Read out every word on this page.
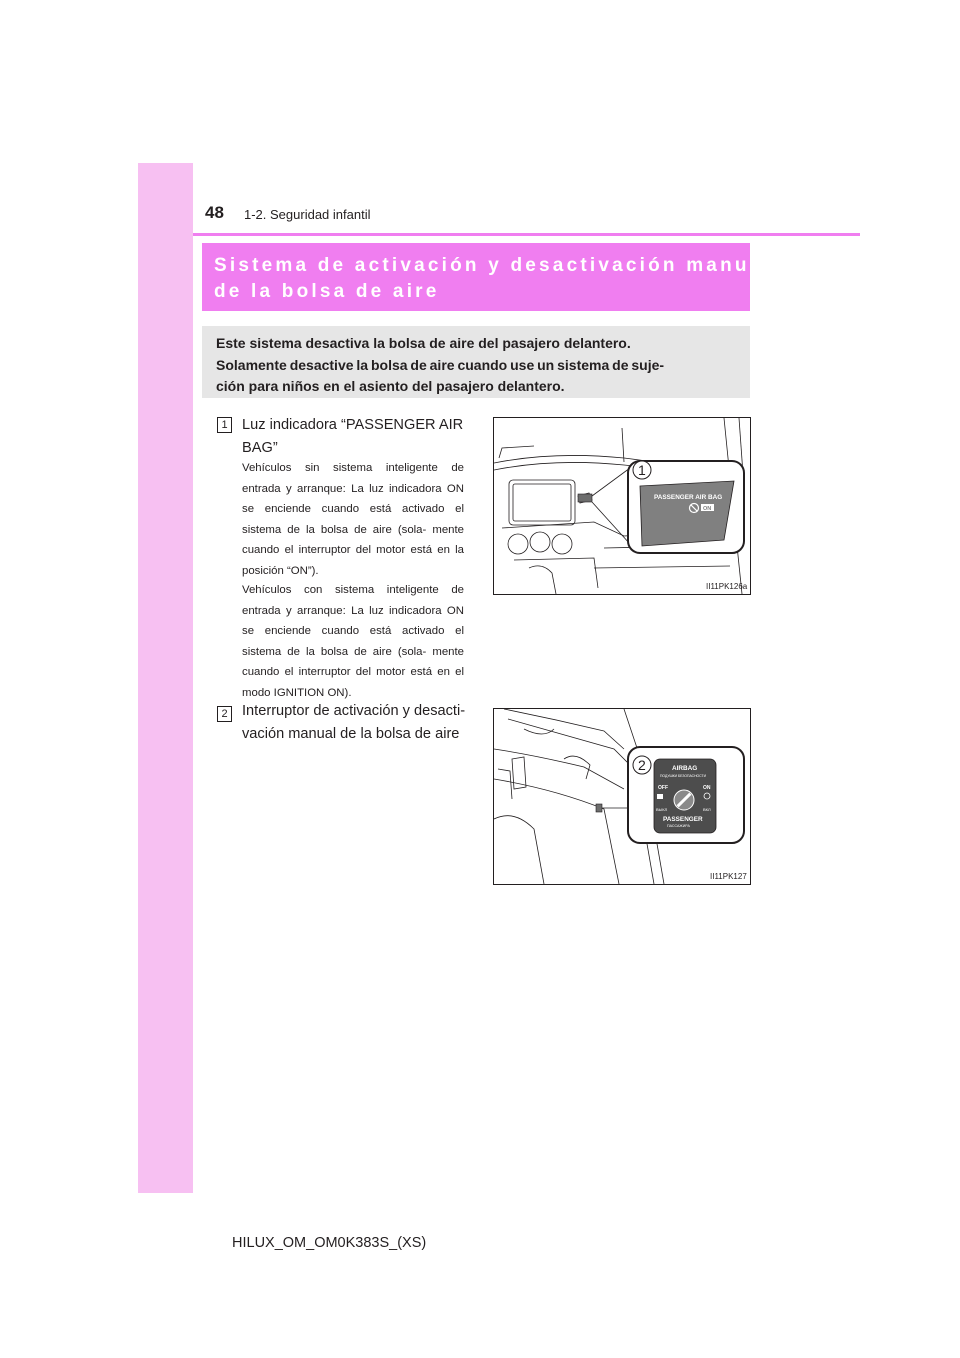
48 1-2. Seguridad infantil
Sistema de activación y desactivación manual
de la bolsa de aire
Este sistema desactiva la bolsa de aire del pasajero delantero.
Solamente desactive la bolsa de aire cuando use un sistema de suje-
ción para niños en el asiento del pasajero delantero.
1 Luz indicadora “PASSENGER AIR
BAG”
Vehículos sin sistema inteligente de entrada y arranque: La luz indicadora ON se enciende cuando está activado el sistema de la bolsa de aire (sola- mente cuando el interruptor del motor está en la posición “ON”).
Vehículos con sistema inteligente de entrada y arranque: La luz indicadora ON se enciende cuando está activado el sistema de la bolsa de aire (sola- mente cuando el interruptor del motor está en el modo IGNITION ON).
2 Interruptor de activación y desacti-
vación manual de la bolsa de aire
PASSENGER AIR BAG
ON
1
II11PK126a
AIRBAG
ПОДУШКИ БЕЗОПАСНОСТИ
OFF	ON
ВЫКЛ	ВКЛ
PASSENGER
ПАССАЖИРА
2
II11PK127
HILUX_OM_OM0K383S_(XS)
